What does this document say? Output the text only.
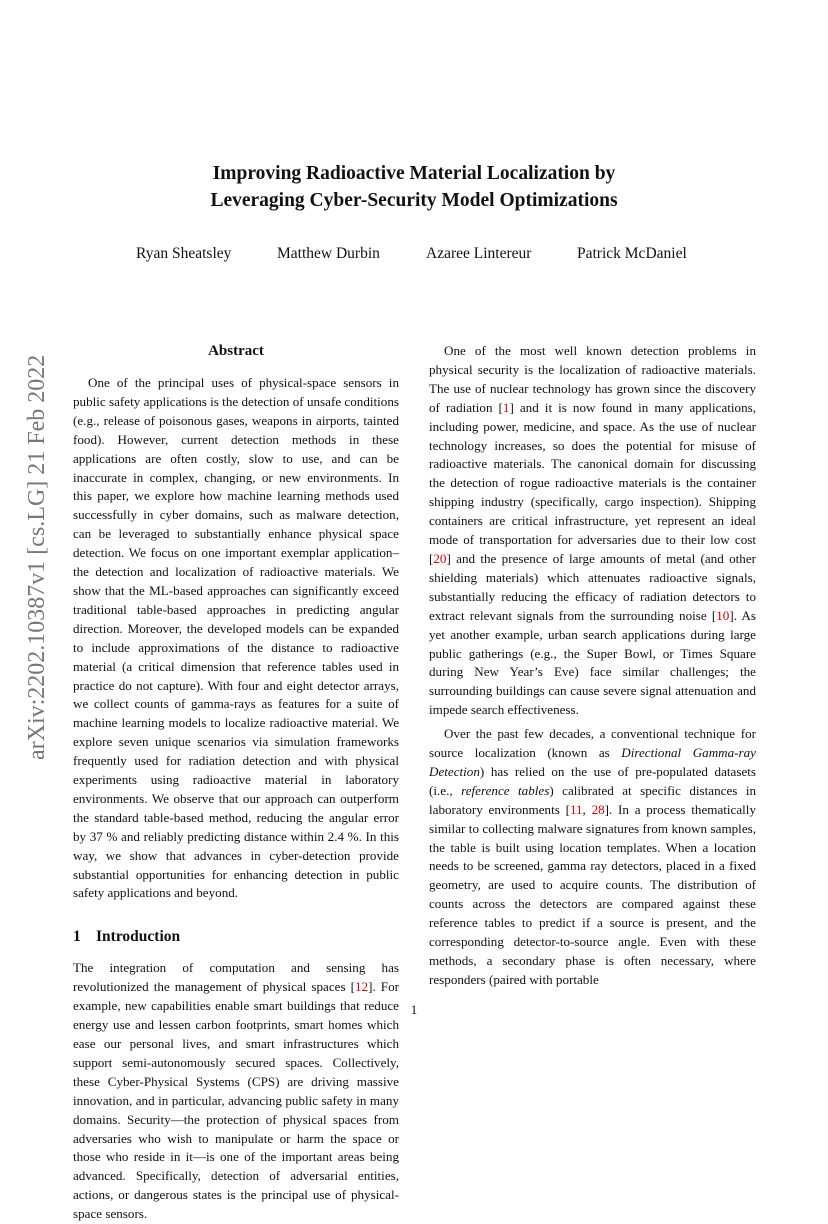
arXiv:2202.10387v1 [cs.LG] 21 Feb 2022
Improving Radioactive Material Localization by
Leveraging Cyber-Security Model Optimizations
Ryan Sheatsley	Matthew Durbin	Azaree Lintereur	Patrick McDaniel
Abstract

One of the principal uses of physical-space sensors in public safety applications is the detection of unsafe conditions (e.g., release of poisonous gases, weapons in airports, tainted food). However, current detection methods in these applications are often costly, slow to use, and can be inaccurate in complex, changing, or new environments. In this paper, we explore how machine learning methods used successfully in cyber domains, such as malware detection, can be leveraged to substantially enhance physical space detection. We focus on one important exemplar application–the detection and localization of radioactive materials. We show that the ML-based approaches can significantly exceed traditional table-based approaches in predicting angular direction. Moreover, the developed models can be expanded to include approximations of the distance to radioactive material (a critical dimension that reference tables used in practice do not capture). With four and eight detector arrays, we collect counts of gamma-rays as features for a suite of machine learning models to localize radioactive material. We explore seven unique scenarios via simulation frameworks frequently used for radiation detection and with physical experiments using radioactive material in laboratory environments. We observe that our approach can outperform the standard table-based method, reducing the angular error by 37 % and reliably predicting distance within 2.4 %. In this way, we show that advances in cyber-detection provide substantial opportunities for enhancing detection in public safety applications and beyond.

1 Introduction

The integration of computation and sensing has revolutionized the management of physical spaces [12]. For example, new capabilities enable smart buildings that reduce energy use and lessen carbon footprints, smart homes which ease our personal lives, and smart infrastructures which support semi-autonomously secured spaces. Collectively, these Cyber-Physical Systems (CPS) are driving massive innovation, and in particular, advancing public safety in many domains. Security—the protection of physical spaces from adversaries who wish to manipulate or harm the space or those who reside in it—is one of the important areas being advanced. Specifically, detection of adversarial entities, actions, or dangerous states is the principal use of physical-space sensors.

One of the most well known detection problems in physical security is the localization of radioactive materials. The use of nuclear technology has grown since the discovery of radiation [1] and it is now found in many applications, including power, medicine, and space. As the use of nuclear technology increases, so does the potential for misuse of radioactive materials. The canonical domain for discussing the detection of rogue radioactive materials is the container shipping industry (specifically, cargo inspection). Shipping containers are critical infrastructure, yet represent an ideal mode of transportation for adversaries due to their low cost [20] and the presence of large amounts of metal (and other shielding materials) which attenuates radioactive signals, substantially reducing the efficacy of radiation detectors to extract relevant signals from the surrounding noise [10]. As yet another example, urban search applications during large public gatherings (e.g., the Super Bowl, or Times Square during New Year’s Eve) face similar challenges; the surrounding buildings can cause severe signal attenuation and impede search effectiveness.

Over the past few decades, a conventional technique for source localization (known as Directional Gamma-ray Detection) has relied on the use of pre-populated datasets (i.e., reference tables) calibrated at specific distances in laboratory environments [11, 28]. In a process thematically similar to collecting malware signatures from known samples, the table is built using location templates. When a location needs to be screened, gamma ray detectors, placed in a fixed geometry, are used to acquire counts. The distribution of counts across the detectors are compared against these reference tables to predict if a source is present, and the corresponding detector-to-source angle. Even with these methods, a secondary phase is often necessary, where responders (paired with portable

1
